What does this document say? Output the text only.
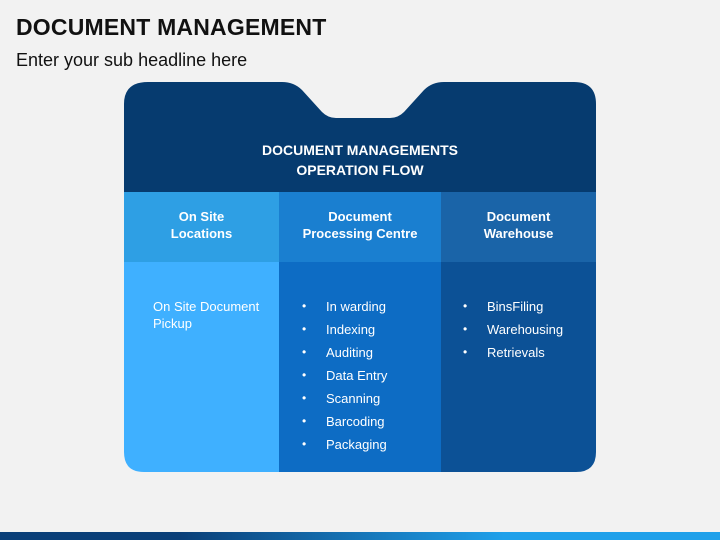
DOCUMENT MANAGEMENT
Enter your sub headline here
DOCUMENT MANAGEMENTS
OPERATION FLOW
On Site
Locations
On Site Document
Pickup
Document
Processing Centre
• In warding
• Indexing
• Auditing
• Data Entry
• Scanning
• Barcoding
• Packaging
Document
Warehouse
• BinsFiling
• Warehousing
• Retrievals
